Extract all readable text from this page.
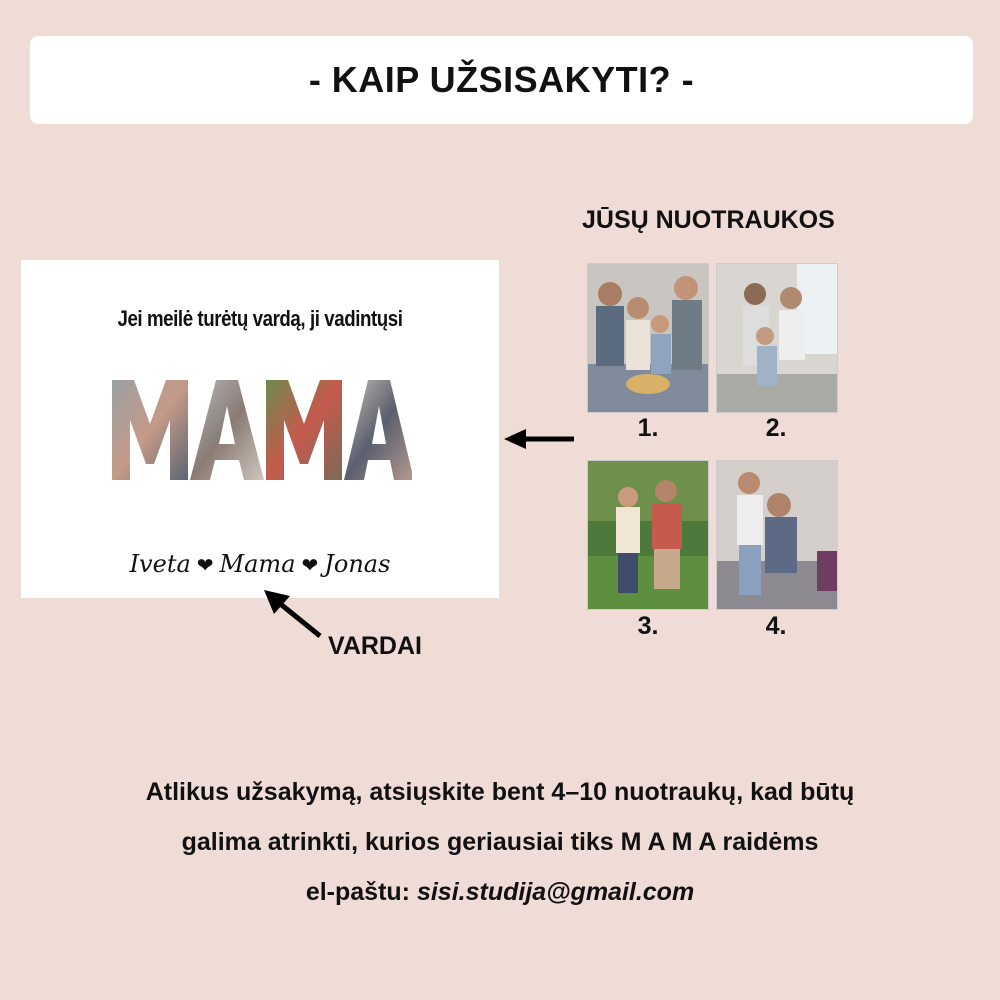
- KAIP UŽSISAKYTI? -
Jei meilė turėtų vardą, ji vadintųsi
Iveta ❤ Mama ❤ Jonas
VARDAI
JŪSŲ NUOTRAUKOS
1.	2.
3.	4.
Atlikus užsakymą, atsiųskite bent 4–10 nuotraukų, kad būtų
galima atrinkti, kurios geriausiai tiks M A M A raidėms
el-paštu: sisi.studija@gmail.com
